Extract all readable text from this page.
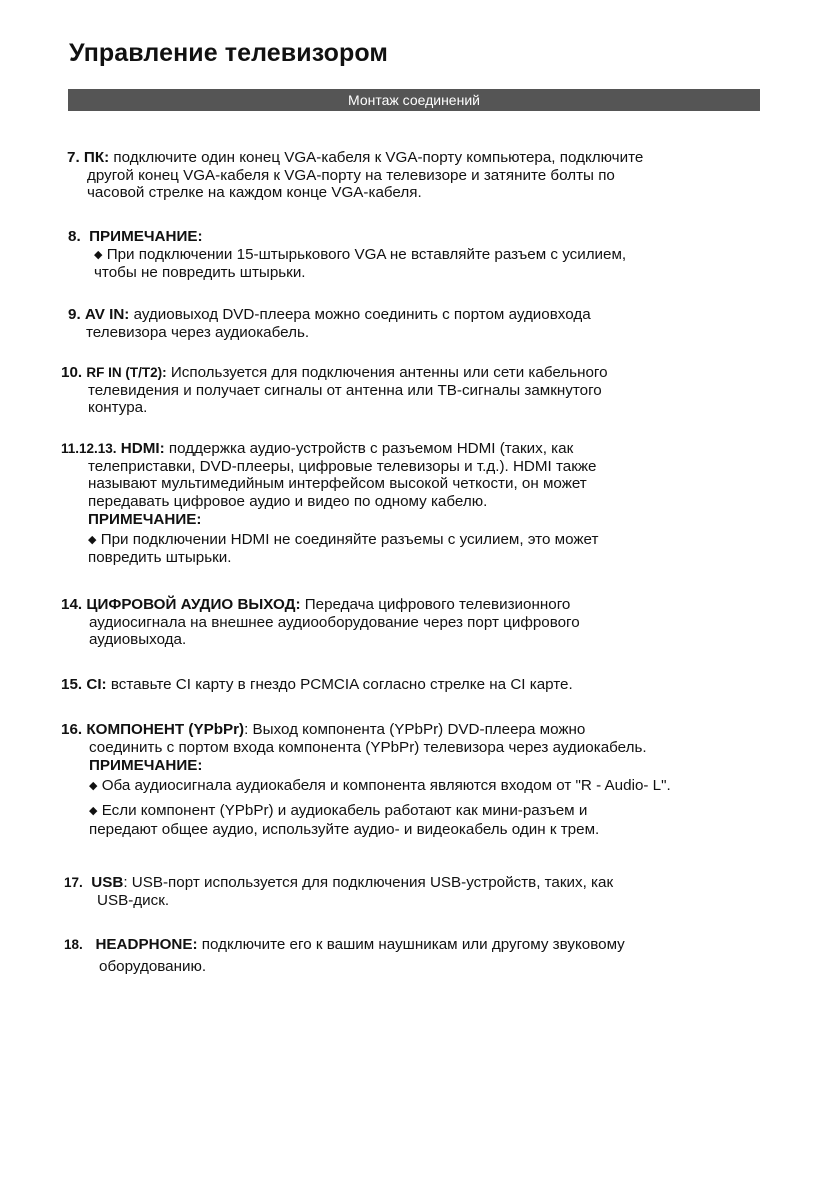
Управление телевизором
Монтаж соединений
7. ПК: подключите один конец VGA-кабеля к VGA-порту компьютера, подключите
другой конец VGA-кабеля к VGA-порту на телевизоре и затяните болты по
часовой стрелке на каждом конце VGA-кабеля.
8. ПРИМЕЧАНИЕ:
◆ При подключении 15-штырькового VGA не вставляйте разъем с усилием,
чтобы не повредить штырьки.
9. AV IN: аудиовыход DVD-плеера можно соединить с портом аудиовхода
телевизора через аудиокабель.
10. RF IN (T/T2): Используется для подключения антенны или сети кабельного
телевидения и получает сигналы от антенна или ТВ-сигналы замкнутого
контура.
11.12.13. HDMI: поддержка аудио-устройств с разъемом HDMI (таких, как
телеприставки, DVD-плееры, цифровые телевизоры и т.д.). HDMI также
называют мультимедийным интерфейсом высокой четкости, он может
передавать цифровое аудио и видео по одному кабелю.
ПРИМЕЧАНИЕ:
◆ При подключении HDMI не соединяйте разъемы с усилием, это может
повредить штырьки.
14. ЦИФРОВОЙ АУДИО ВЫХОД: Передача цифрового телевизионного
аудиосигнала на внешнее аудиооборудование через порт цифрового
аудиовыхода.
15. CI: вставьте CI карту в гнездо PCMCIA согласно стрелке на CI карте.
16. КОМПОНЕНТ (YPbPr): Выход компонента (YPbPr) DVD-плеера можно
соединить с портом входа компонента (YPbPr) телевизора через аудиокабель.
ПРИМЕЧАНИЕ:
◆ Оба аудиосигнала аудиокабеля и компонента являются входом от "R - Audio- L".
◆ Если компонент (YPbPr) и аудиокабель работают как мини-разъем и
передают общее аудио, используйте аудио- и видеокабель один к трем.
17. USB: USB-порт используется для подключения USB-устройств, таких, как
USB-диск.
18. HEADPHONE: подключите его к вашим наушникам или другому звуковому
оборудованию.
